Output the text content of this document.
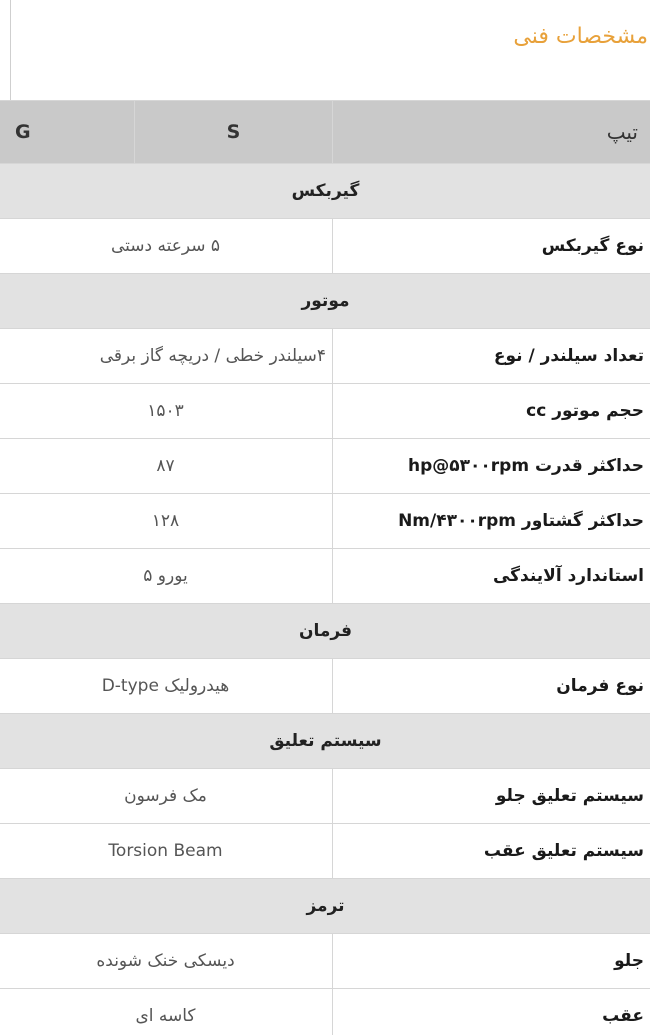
مشخصات فنی
تیپ	S	G
گیربکس		
نوع گیربکس	۵ سرعته دستی	
موتور		
تعداد سیلندر / نوع	۴سیلندر خطی / دریچه گاز برقی	
حجم موتور cc	۱۵۰۳	
حداکثر قدرت hp@۵۳۰۰rpm	۸۷	
حداکثر گشتاور Nm/۴۳۰۰rpm	۱۲۸	
استاندارد آلایندگی	یورو ۵	
فرمان		
نوع فرمان	هیدرولیک D-type	
سیستم تعلیق		
سیستم تعلیق جلو	مک فرسون	
سیستم تعلیق عقب	Torsion Beam	
ترمز		
جلو	دیسکی خنک شونده	
عقب	کاسه ای	
